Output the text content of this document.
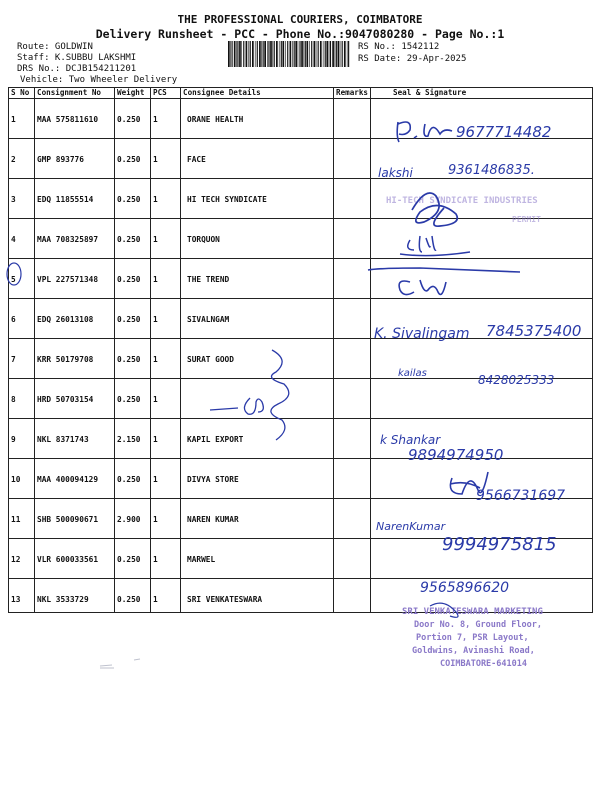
THE PROFESSIONAL COURIERS, COIMBATORE
Delivery Runsheet - PCC - Phone No.:9047080280 - Page No.:1
Route: GOLDWIN
Staff: K.SUBBU LAKSHMI
DRS No.: DCJB154211201
Vehicle: Two Wheeler Delivery
RS No.: 1542112
RS Date: 29-Apr-2025
S No	Consignment No	Weight	PCS	Consignee Details	Remarks	Seal & Signature
1	MAA 575811610	0.250	1	ORANE HEALTH		
2	GMP 893776	0.250	1	FACE		
3	EDQ 11855514	0.250	1	HI TECH SYNDICATE		
4	MAA 708325897	0.250	1	TORQUON		
5	VPL 227571348	0.250	1	THE TREND		
6	EDQ 26013108	0.250	1	SIVALNGAM		
7	KRR 50179708	0.250	1	SURAT GOOD		
8	HRD 50703154	0.250	1			
9	NKL 8371743	2.150	1	KAPIL EXPORT		
10	MAA 400094129	0.250	1	DIVYA STORE		
11	SHB 500090671	2.900	1	NAREN KUMAR		
12	VLR 600033561	0.250	1	MARWEL		
13	NKL 3533729	0.250	1	SRI VENKATESWARA		
9677714482
lakshi	9361486835.
HI-TECH SYNDICATE INDUSTRIES
PERMIT
K. Sivalingam 7845375400
kailas	8428025333
k Shankar
9894974950
9566731697
NarenKumar
9994975815
9565896620
SRI VENKATESWARA MARKETING
Door No. 8, Ground Floor,
Portion 7, PSR Layout,
Goldwins, Avinashi Road,
COIMBATORE-641014
